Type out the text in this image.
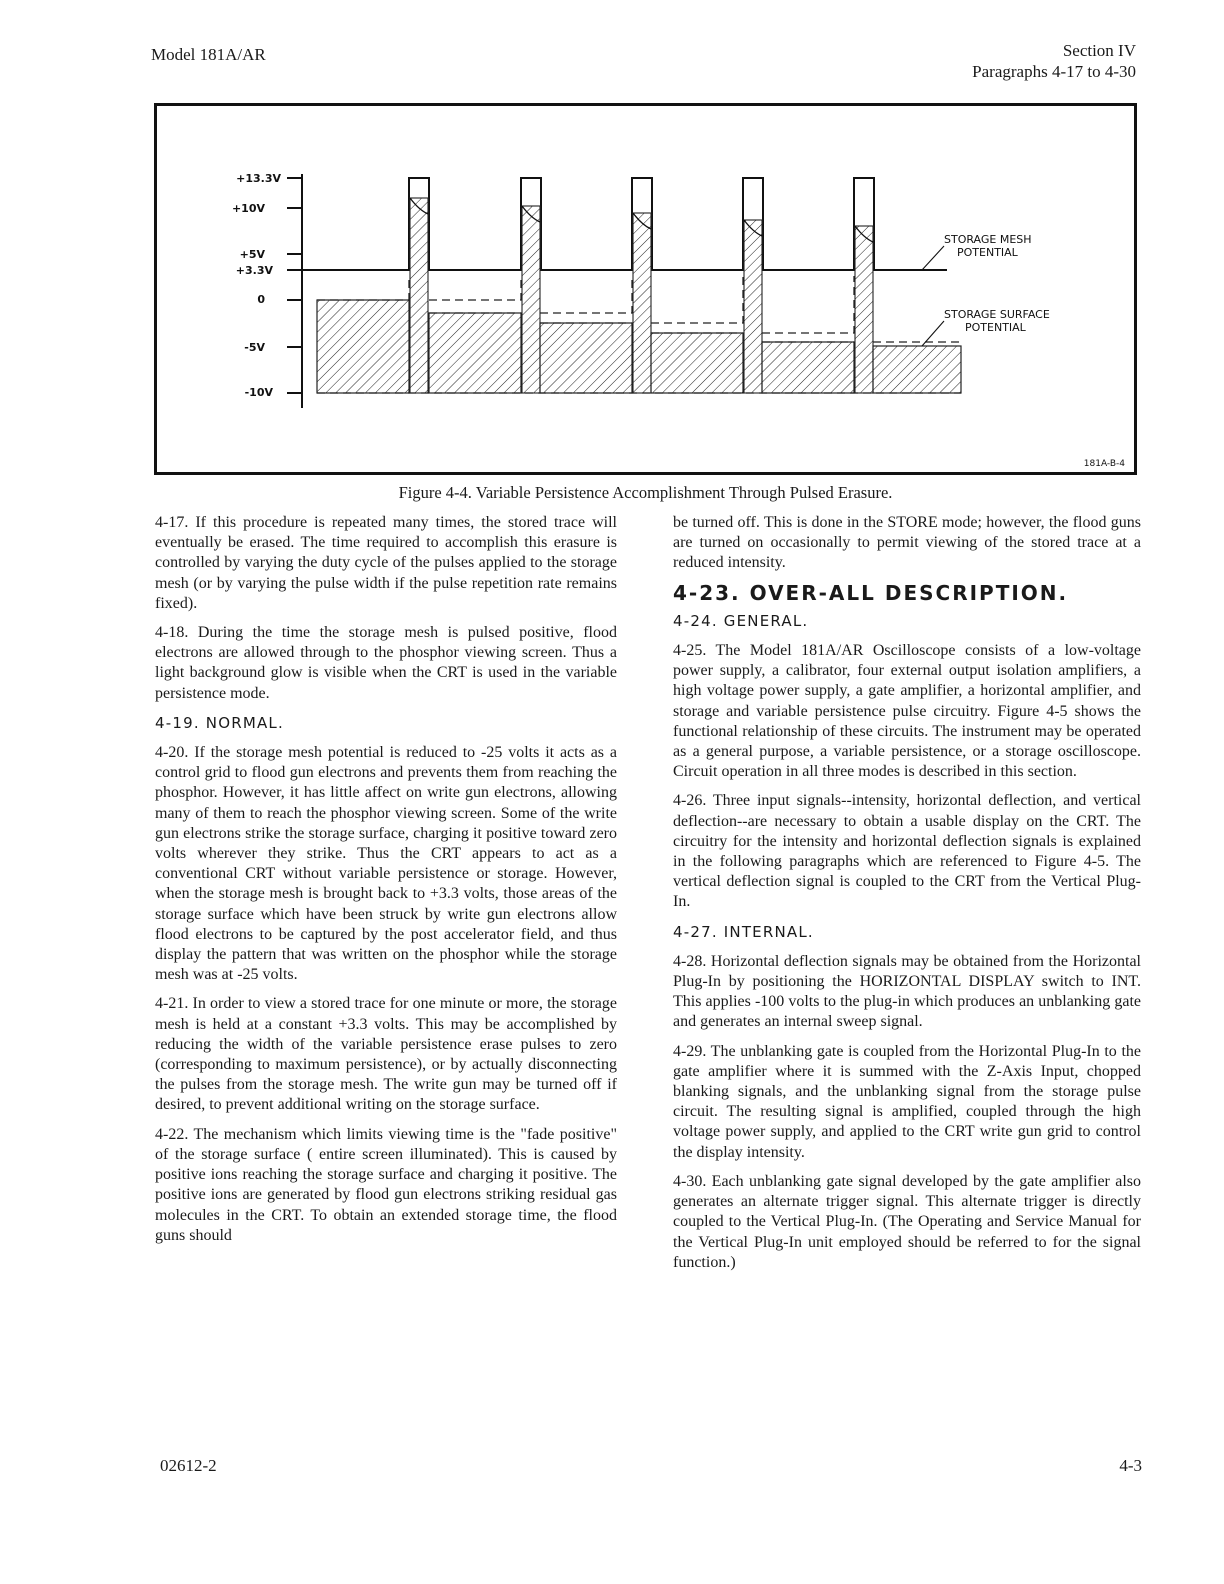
Model 181A/AR	Section IV
Paragraphs 4-17 to 4-30
+13.3V
+10V
+5V
+3.3V
0
-5V
-10V
STORAGE MESH
POTENTIAL
STORAGE SURFACE
POTENTIAL
181A-B-4
Figure 4-4. Variable Persistence Accomplishment Through Pulsed Erasure.

4-17. If this procedure is repeated many times, the stored trace will eventually be erased. The time required to accomplish this erasure is controlled by varying the duty cycle of the pulses applied to the storage mesh (or by varying the pulse width if the pulse repetition rate remains fixed).

4-18. During the time the storage mesh is pulsed positive, flood electrons are allowed through to the phosphor viewing screen. Thus a light background glow is visible when the CRT is used in the variable persistence mode.

4-19. NORMAL.

4-20. If the storage mesh potential is reduced to -25 volts it acts as a control grid to flood gun electrons and prevents them from reaching the phosphor. However, it has little affect on write gun electrons, allowing many of them to reach the phosphor viewing screen. Some of the write gun electrons strike the storage surface, charging it positive toward zero volts wherever they strike. Thus the CRT appears to act as a conventional CRT without variable persistence or storage. However, when the storage mesh is brought back to +3.3 volts, those areas of the storage surface which have been struck by write gun electrons allow flood electrons to be captured by the post accelerator field, and thus display the pattern that was written on the phosphor while the storage mesh was at -25 volts.

4-21. In order to view a stored trace for one minute or more, the storage mesh is held at a constant +3.3 volts. This may be accomplished by reducing the width of the variable persistence erase pulses to zero (corresponding to maximum persistence), or by actually disconnecting the pulses from the storage mesh. The write gun may be turned off if desired, to prevent additional writing on the storage surface.

4-22. The mechanism which limits viewing time is the "fade positive" of the storage surface ( entire screen illuminated). This is caused by positive ions reaching the storage surface and charging it positive. The positive ions are generated by flood gun electrons striking residual gas molecules in the CRT. To obtain an extended storage time, the flood guns should

be turned off. This is done in the STORE mode; however, the flood guns are turned on occasionally to permit viewing of the stored trace at a reduced intensity.

4-23. OVER-ALL DESCRIPTION.
4-24. GENERAL.

4-25. The Model 181A/AR Oscilloscope consists of a low-voltage power supply, a calibrator, four external output isolation amplifiers, a high voltage power supply, a gate amplifier, a horizontal amplifier, and storage and variable persistence pulse circuitry. Figure 4-5 shows the functional relationship of these circuits. The instrument may be operated as a general purpose, a variable persistence, or a storage oscilloscope. Circuit operation in all three modes is described in this section.

4-26. Three input signals--intensity, horizontal deflection, and vertical deflection--are necessary to obtain a usable display on the CRT. The circuitry for the intensity and horizontal deflection signals is explained in the following paragraphs which are referenced to Figure 4-5. The vertical deflection signal is coupled to the CRT from the Vertical Plug-In.

4-27. INTERNAL.

4-28. Horizontal deflection signals may be obtained from the Horizontal Plug-In by positioning the HORIZONTAL DISPLAY switch to INT. This applies -100 volts to the plug-in which produces an unblanking gate and generates an internal sweep signal.

4-29. The unblanking gate is coupled from the Horizontal Plug-In to the gate amplifier where it is summed with the Z-Axis Input, chopped blanking signals, and the unblanking signal from the storage pulse circuit. The resulting signal is amplified, coupled through the high voltage power supply, and applied to the CRT write gun grid to control the display intensity.

4-30. Each unblanking gate signal developed by the gate amplifier also generates an alternate trigger signal. This alternate trigger is directly coupled to the Vertical Plug-In. (The Operating and Service Manual for the Vertical Plug-In unit employed should be referred to for the signal function.)

02612-2	4-3
